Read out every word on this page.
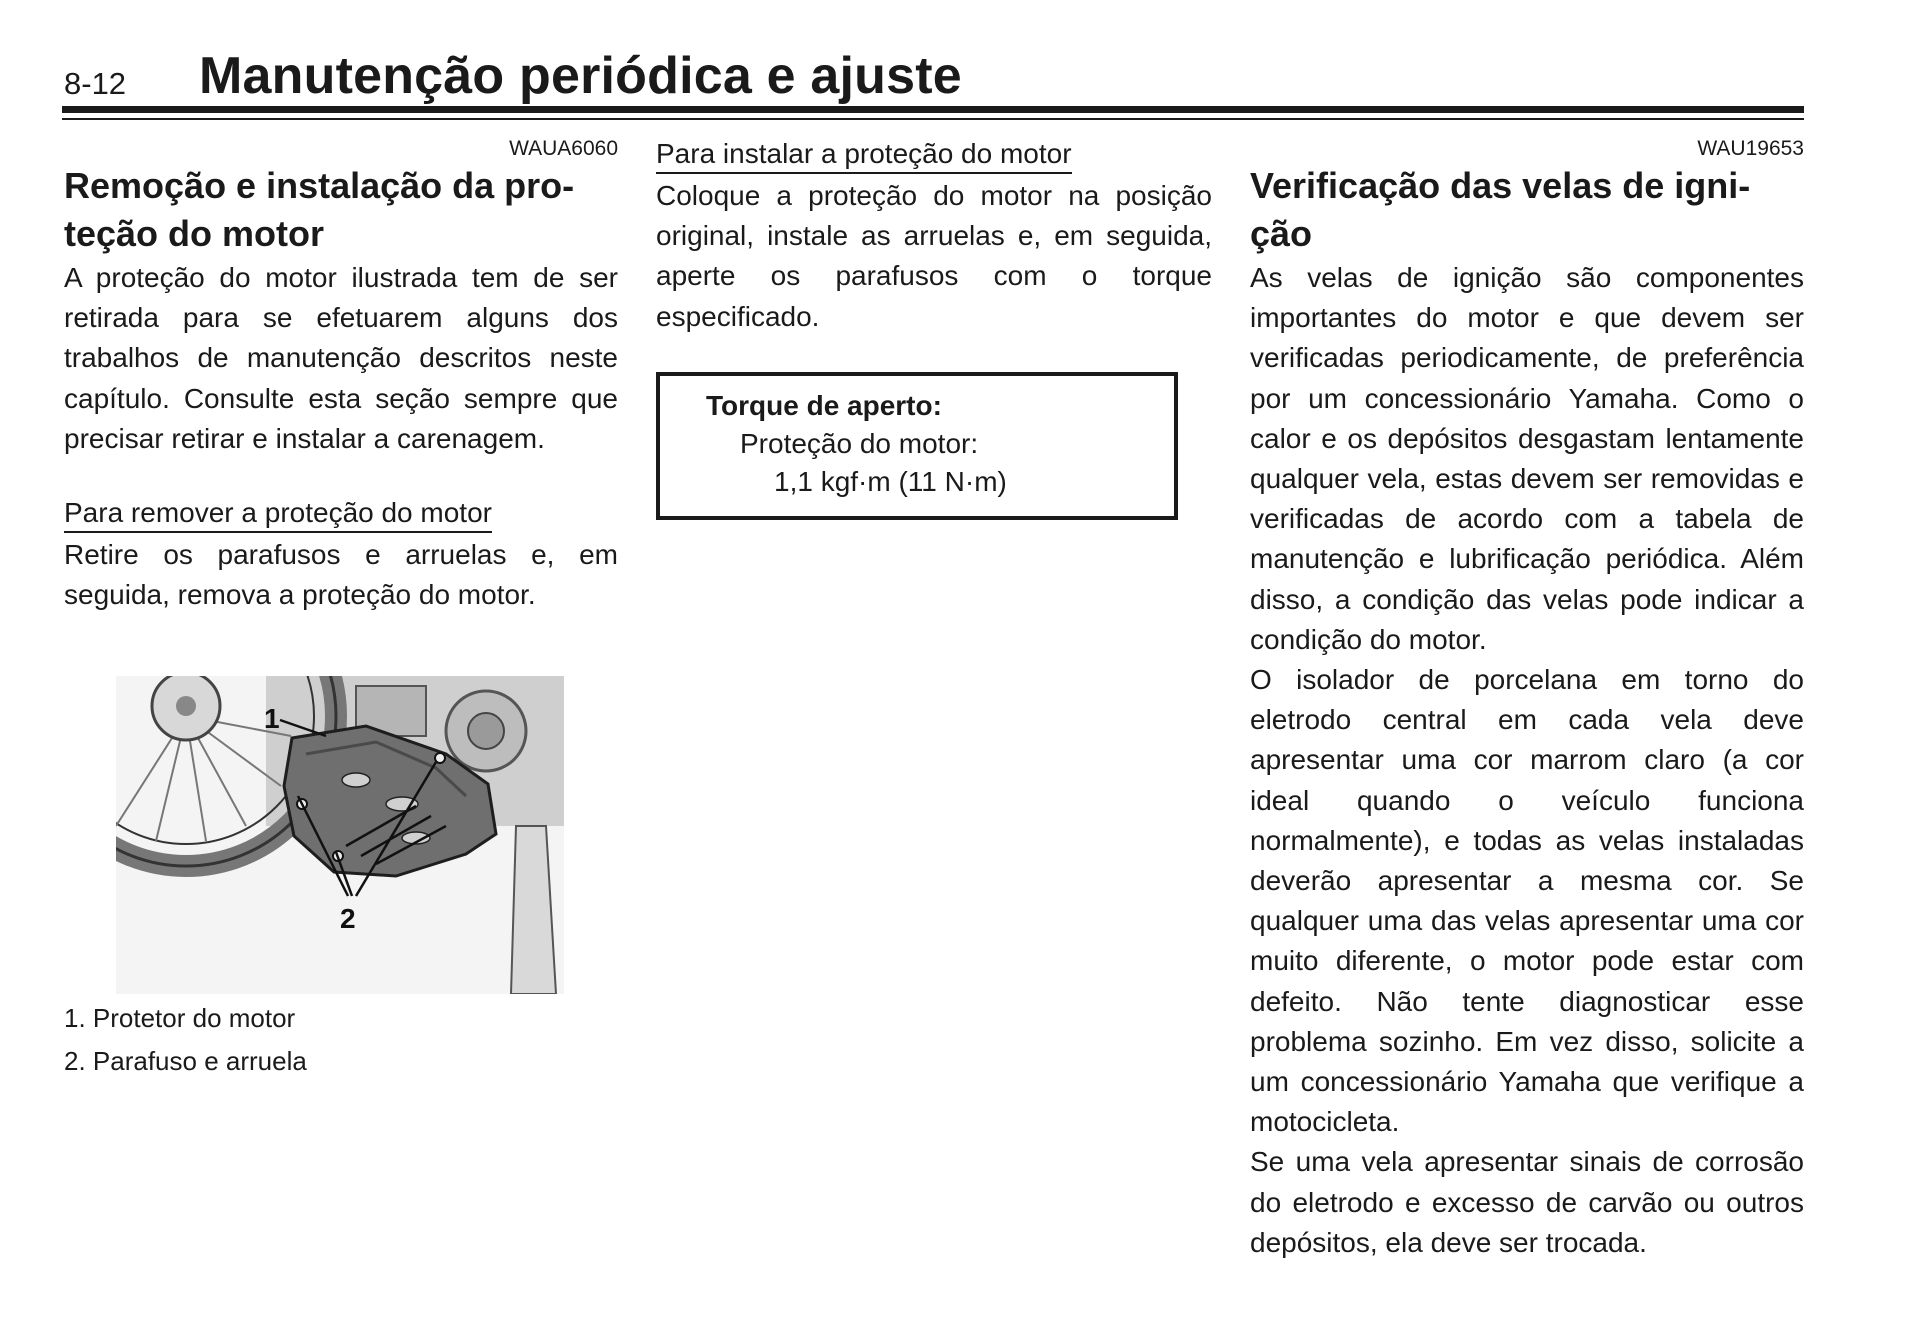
8-12 Manutenção periódica e ajuste
WAUA6060
Remoção e instalação da pro-
teção do motor

A proteção do motor ilustrada tem de ser retirada para se efetuarem alguns dos trabalhos de manutenção descritos neste capítulo. Consulte esta seção sempre que precisar retirar e instalar a carenagem.

Para remover a proteção do motor

Retire os parafusos e arruelas e, em seguida, remova a proteção do motor.

1
2
1. Protetor do motor
2. Parafuso e arruela
Para instalar a proteção do motor

Coloque a proteção do motor na posição original, instale as arruelas e, em seguida, aperte os parafusos com o torque especificado.

Torque de aperto:
Proteção do motor:
1,1 kgf·m (11 N·m)
WAU19653
Verificação das velas de igni-
ção

As velas de ignição são componentes importantes do motor e que devem ser verificadas periodicamente, de preferência por um concessionário Yamaha. Como o calor e os depósitos desgastam lentamente qualquer vela, estas devem ser removidas e verificadas de acordo com a tabela de manutenção e lubrificação periódica. Além disso, a condição das velas pode indicar a condição do motor.

O isolador de porcelana em torno do eletrodo central em cada vela deve apresentar uma cor marrom claro (a cor ideal quando o veículo funciona normalmente), e todas as velas instaladas deverão apresentar a mesma cor. Se qualquer uma das velas apresentar uma cor muito diferente, o motor pode estar com defeito. Não tente diagnosticar esse problema sozinho. Em vez disso, solicite a um concessionário Yamaha que verifique a motocicleta.

Se uma vela apresentar sinais de corrosão do eletrodo e excesso de carvão ou outros depósitos, ela deve ser trocada.
